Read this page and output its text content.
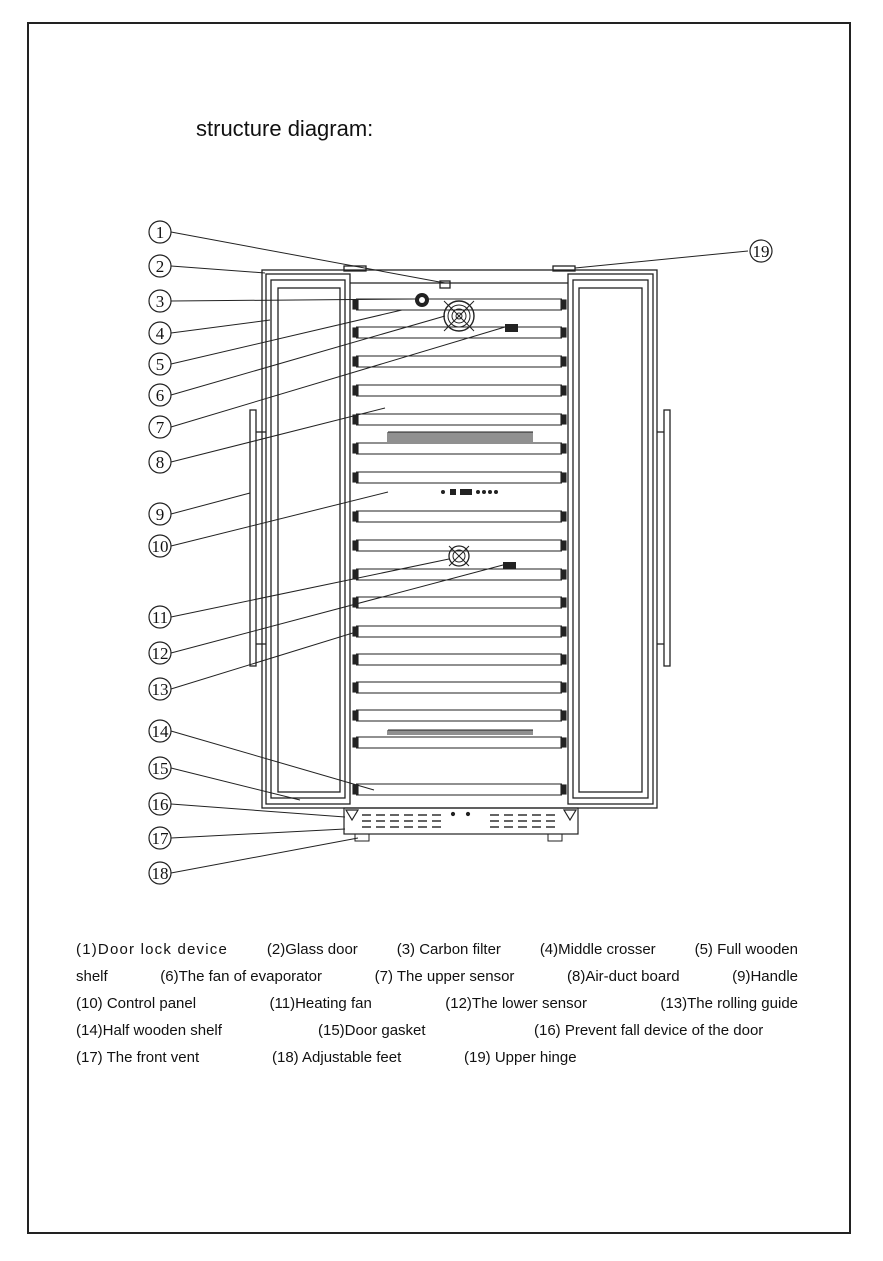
structure diagram:
1
2
3
4
5
6
7
8
9
10
11
12
13
14
15
16
17
18
19
(1)Door lock device	(2)Glass door	(3) Carbon filter	(4)Middle crosser	(5) Full wooden
shelf	(6)The fan of evaporator	(7) The upper sensor	(8)Air-duct board	(9)Handle
(10) Control panel	(11)Heating fan	(12)The lower sensor	(13)The rolling guide
(14)Half wooden shelf	(15)Door gasket	(16) Prevent fall device of the door
(17) The front vent	(18) Adjustable feet	(19) Upper hinge
